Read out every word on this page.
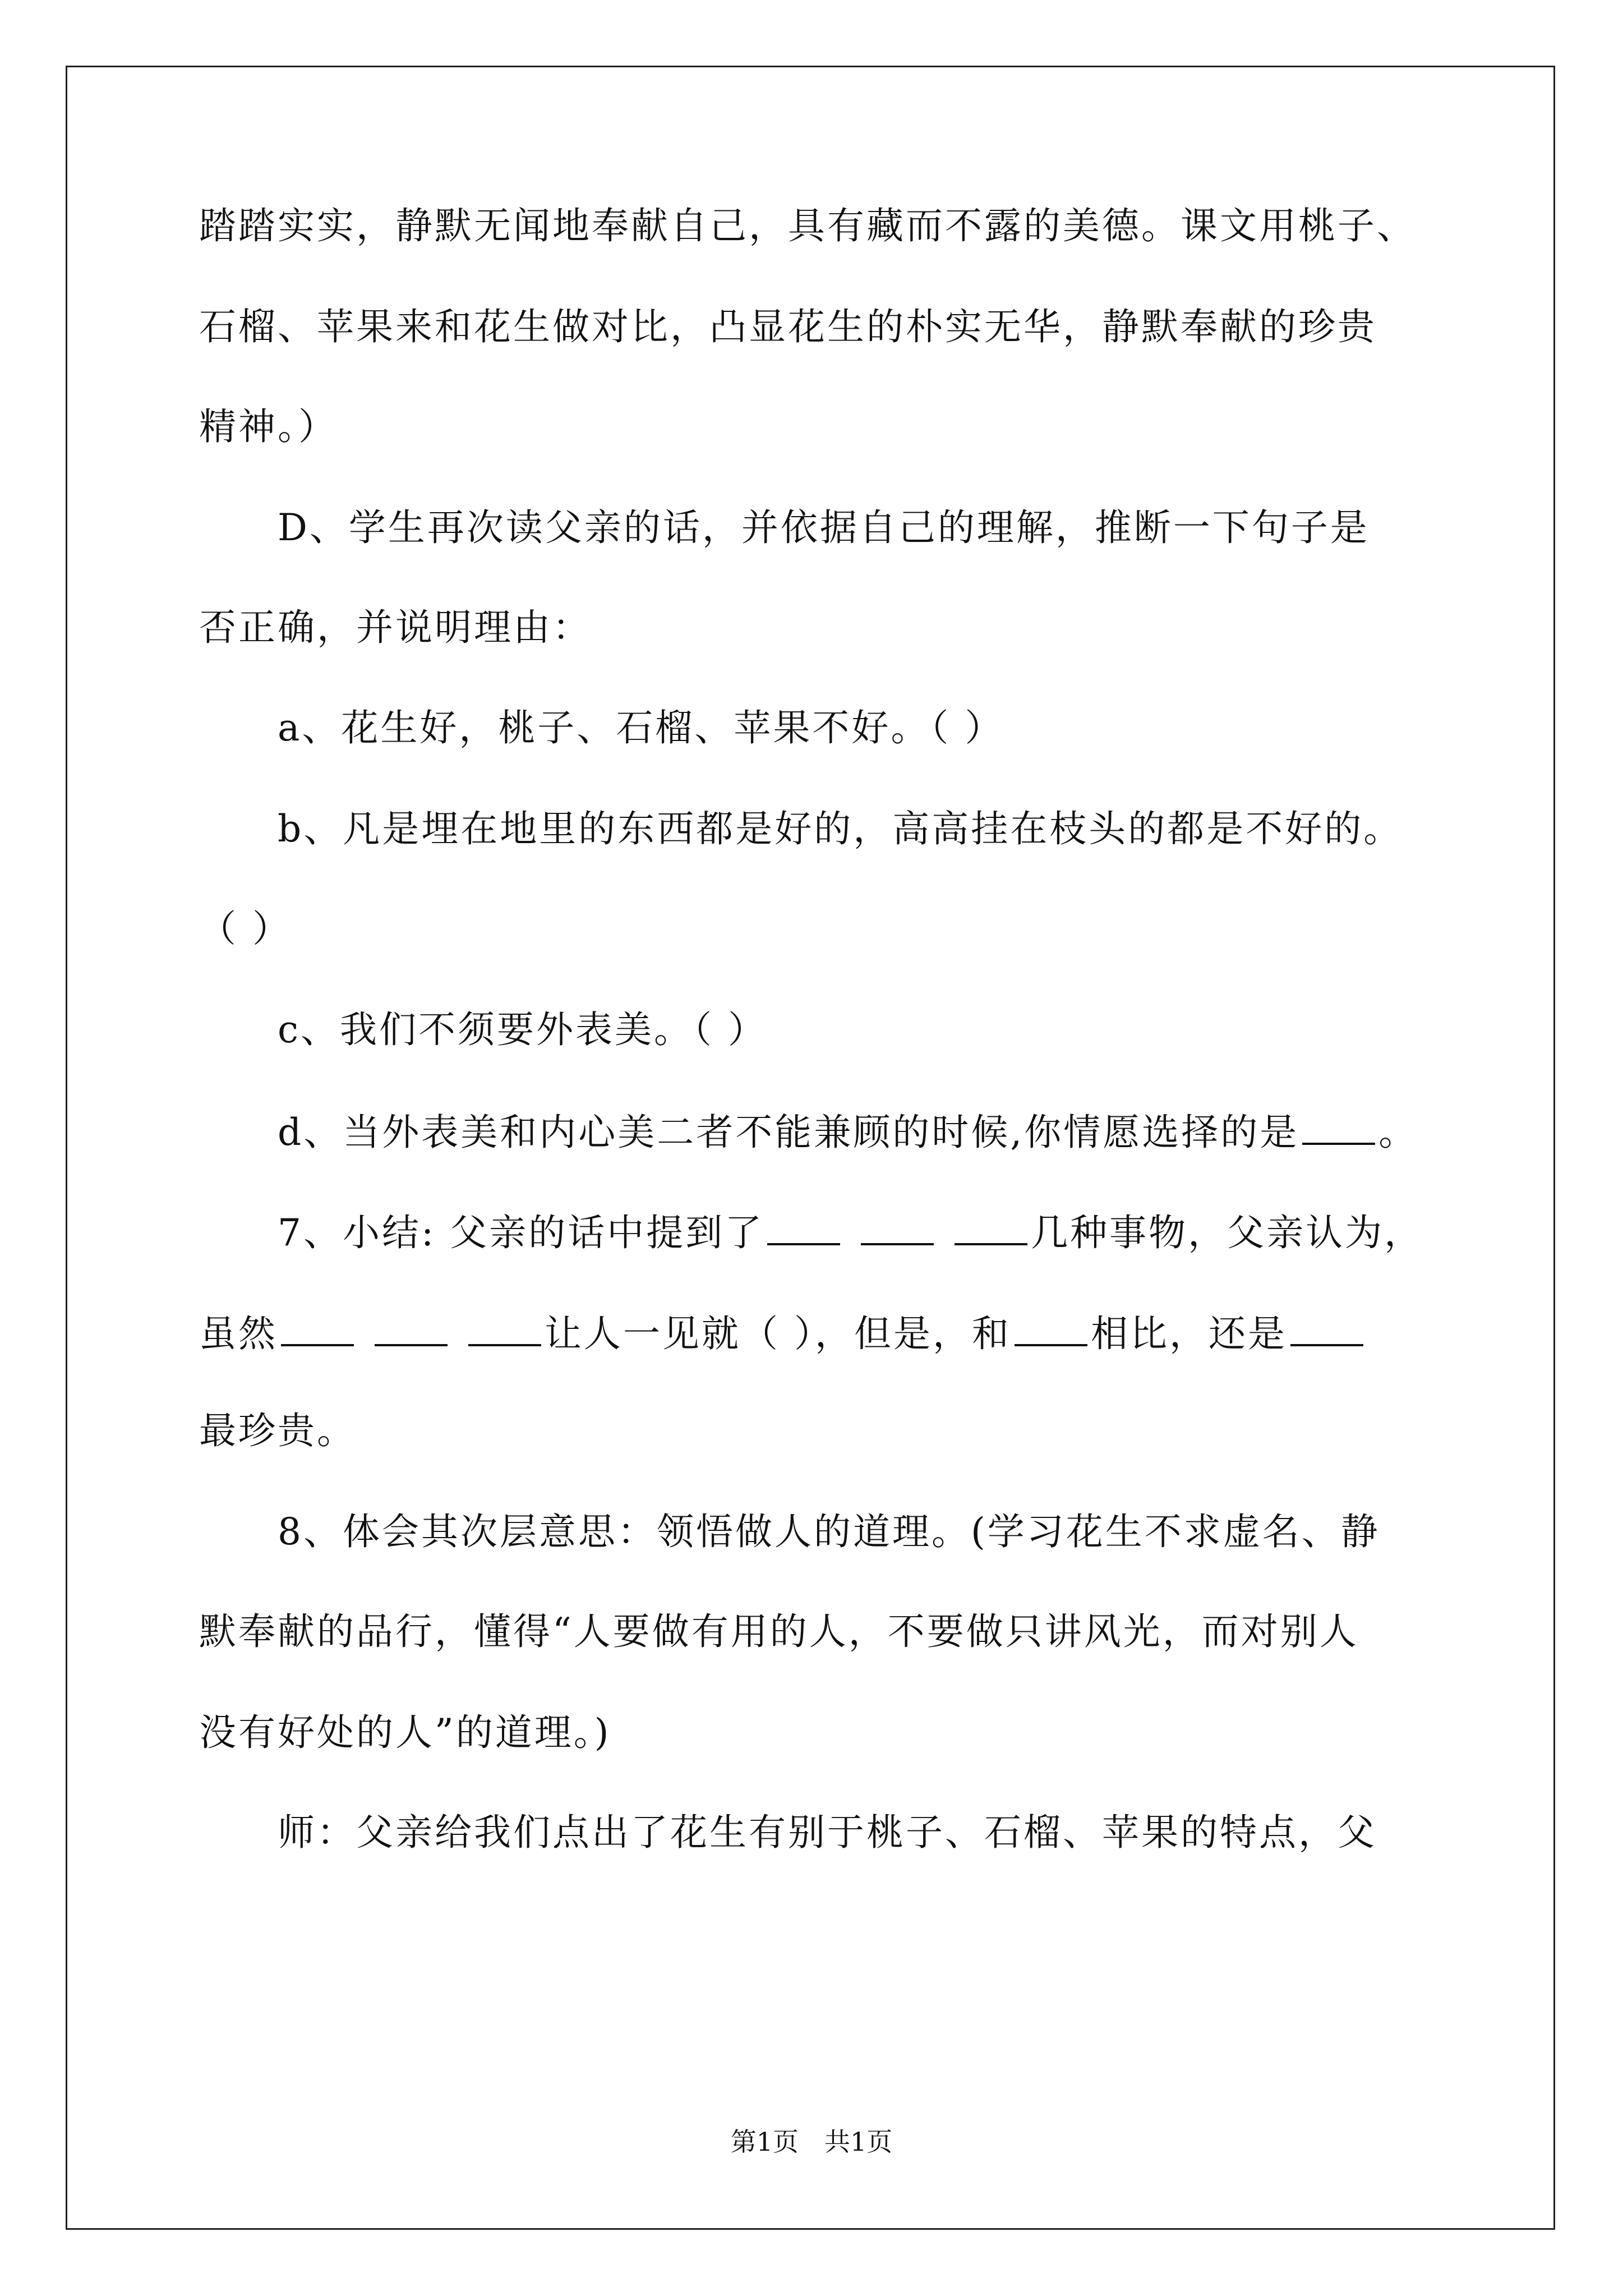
踏踏实实，静默无闻地奉献自己，具有藏而不露的美德。课文用桃子、
石榴、苹果来和花生做对比，凸显花生的朴实无华，静默奉献的珍贵
精神。）
D、学生再次读父亲的话，并依据自己的理解，推断一下句子是
否正确，并说明理由：
a、花生好，桃子、石榴、苹果不好。（ ）
b、凡是埋在地里的东西都是好的，高高挂在枝头的都是不好的。
（ ）
c、我们不须要外表美。（ ）
d、当外表美和内心美二者不能兼顾的时候,你情愿选择的是 。
7、小结: 父亲的话中提到了	几种事物，父亲认为，
虽然	让人一见就（ ），但是，和 相比，还是
最珍贵。
8、体会其次层意思：领悟做人的道理。(学习花生不求虚名、静
默奉献的品行，懂得“人要做有用的人，不要做只讲风光，而对别人
没有好处的人”的道理。)
师：父亲给我们点出了花生有别于桃子、石榴、苹果的特点，父
第1页　共1页
